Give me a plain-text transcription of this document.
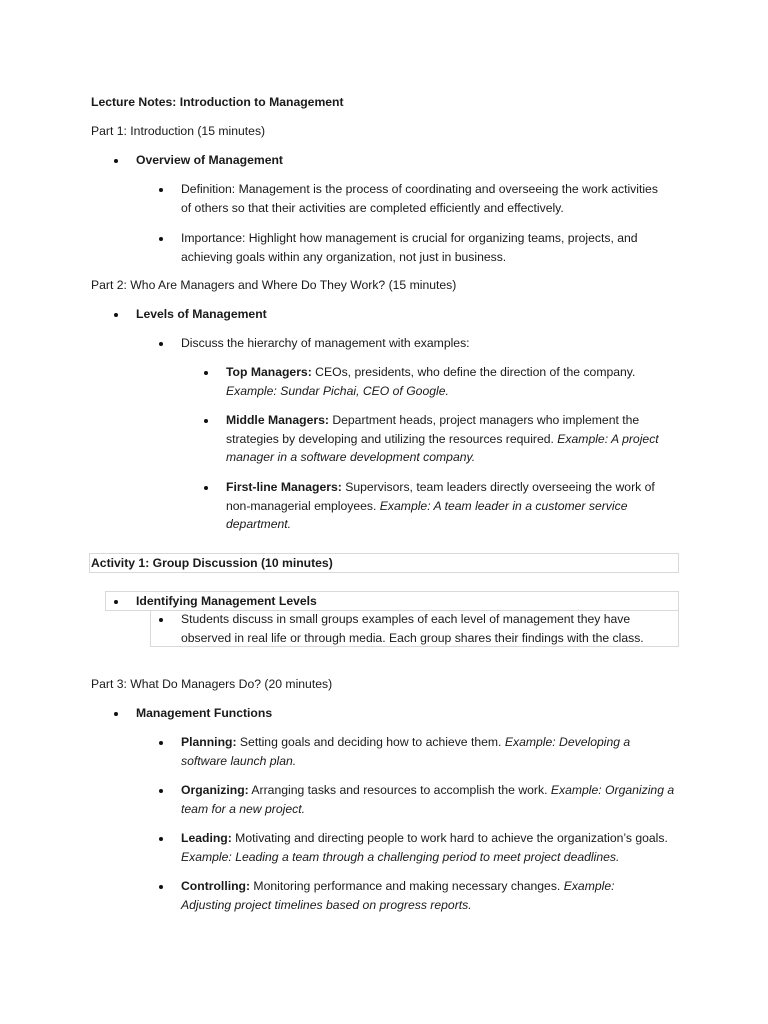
Lecture Notes: Introduction to Management
Part 1: Introduction (15 minutes)
Overview of Management
Definition: Management is the process of coordinating and overseeing the work activities of others so that their activities are completed efficiently and effectively.
Importance: Highlight how management is crucial for organizing teams, projects, and achieving goals within any organization, not just in business.
Part 2: Who Are Managers and Where Do They Work? (15 minutes)
Levels of Management
Discuss the hierarchy of management with examples:
Top Managers: CEOs, presidents, who define the direction of the company. Example: Sundar Pichai, CEO of Google.
Middle Managers: Department heads, project managers who implement the strategies by developing and utilizing the resources required. Example: A project manager in a software development company.
First-line Managers: Supervisors, team leaders directly overseeing the work of non-managerial employees. Example: A team leader in a customer service department.
Activity 1: Group Discussion (10 minutes)
Identifying Management Levels
Students discuss in small groups examples of each level of management they have observed in real life or through media. Each group shares their findings with the class.
Part 3: What Do Managers Do? (20 minutes)
Management Functions
Planning: Setting goals and deciding how to achieve them. Example: Developing a software launch plan.
Organizing: Arranging tasks and resources to accomplish the work. Example: Organizing a team for a new project.
Leading: Motivating and directing people to work hard to achieve the organization’s goals. Example: Leading a team through a challenging period to meet project deadlines.
Controlling: Monitoring performance and making necessary changes. Example: Adjusting project timelines based on progress reports.
